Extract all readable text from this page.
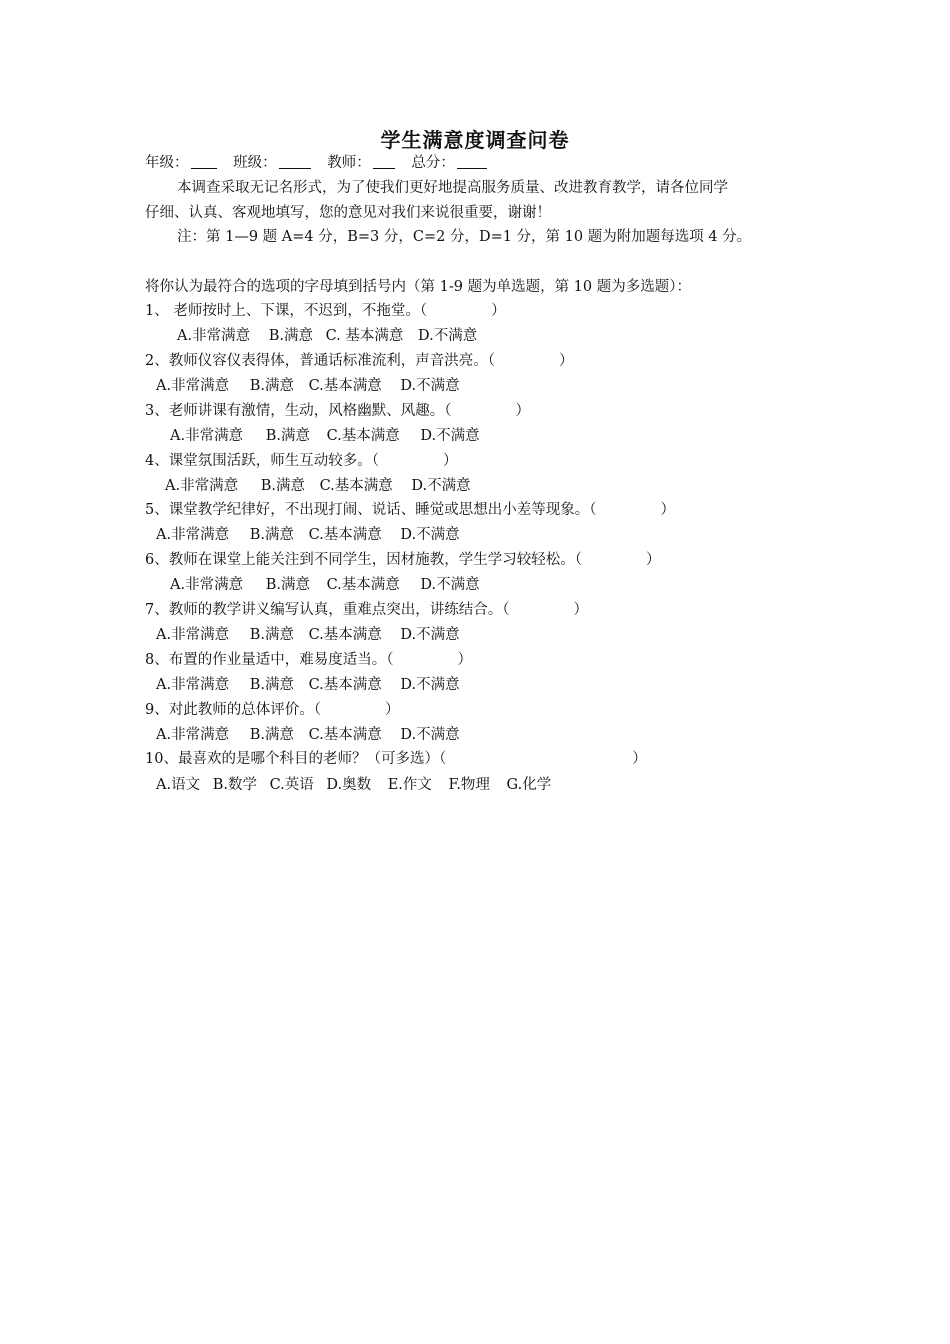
学生满意度调查问卷
年级：	班级：	教师：	总分：
本调查采取无记名形式，为了使我们更好地提高服务质量、改进教育教学，请各位同学
仔细、认真、客观地填写，您的意见对我们来说很重要，谢谢！
注：第 1—9 题 A=4 分，B=3 分，C=2 分，D=1 分，第 10 题为附加题每选项 4 分。
将你认为最符合的选项的字母填到括号内（第 1-9 题为单选题，第 10 题为多选题）：
1、 老师按时上、下课，不迟到，不拖堂。（	）
A.非常满意 B.满意 C. 基本满意 D.不满意
2、教师仪容仪表得体，普通话标准流利，声音洪亮。（	）
A.非常满意 B.满意 C.基本满意 D.不满意
3、老师讲课有激情，生动，风格幽默、风趣。（	）
A.非常满意 B.满意 C.基本满意 D.不满意
4、课堂氛围活跃，师生互动较多。（	）
A.非常满意 B.满意 C.基本满意 D.不满意
5、课堂教学纪律好，不出现打闹、说话、睡觉或思想出小差等现象。（	）
A.非常满意 B.满意 C.基本满意 D.不满意
6、教师在课堂上能关注到不同学生，因材施教，学生学习较轻松。（	）
A.非常满意 B.满意 C.基本满意 D.不满意
7、教师的教学讲义编写认真，重难点突出，讲练结合。（	）
A.非常满意 B.满意 C.基本满意 D.不满意
8、布置的作业量适中，难易度适当。（	）
A.非常满意 B.满意 C.基本满意 D.不满意
9、对此教师的总体评价。（	）
A.非常满意 B.满意 C.基本满意 D.不满意
10、最喜欢的是哪个科目的老师？（可多选）（	）
A.语文 B.数学 C.英语 D.奥数 E.作文 F.物理 G.化学
